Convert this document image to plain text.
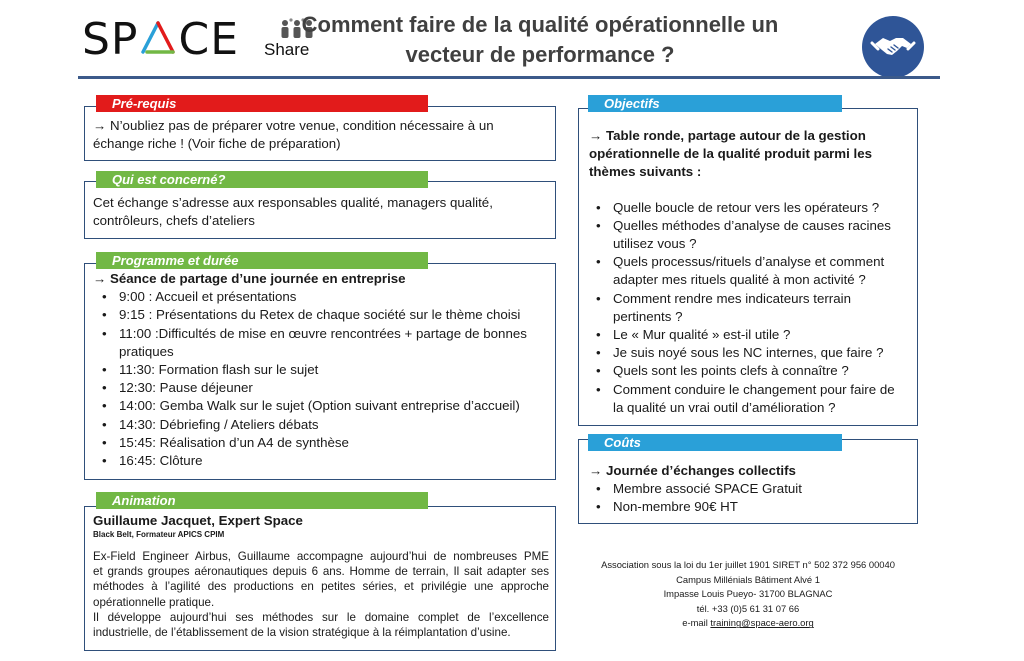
SP CE Share
Comment faire de la qualité opérationnelle un
vecteur de performance ?
→ N’oubliez pas de préparer votre venue, condition nécessaire à un
échange riche ! (Voir fiche de préparation)
Pré-requis
Cet échange s’adresse aux responsables qualité, managers qualité,
contrôleurs, chefs d’ateliers
Qui est concerné?
→ Séance de partage d’une journée en entreprise
• 9:00 : Accueil et présentations
• 9:15 : Présentations du Retex de chaque société sur le thème choisi
• 11:00 :Difficultés de mise en œuvre rencontrées + partage de bonnes
pratiques
• 11:30: Formation flash sur le sujet
• 12:30: Pause déjeuner
• 14:00: Gemba Walk sur le sujet (Option suivant entreprise d’accueil)
• 14:30: Débriefing / Ateliers débats
• 15:45: Réalisation d’un A4 de synthèse
• 16:45: Clôture
Programme et durée
Guillaume Jacquet, Expert Space
Black Belt, Formateur APICS CPIM
Ex-Field Engineer Airbus, Guillaume accompagne aujourd’hui de nombreuses PME
et grands groupes aéronautiques depuis 6 ans. Homme de terrain, Il sait adapter ses
méthodes à l’agilité des productions en petites séries, et privilégie une approche
opérationnelle pratique.
Il développe aujourd’hui ses méthodes sur le domaine complet de l’excellence
industrielle, de l’établissement de la vision stratégique à la réimplantation d’usine.
Animation
→ Table ronde, partage autour de la gestion
opérationnelle de la qualité produit parmi les
thèmes suivants :
• Quelle boucle de retour vers les opérateurs ?
• Quelles méthodes d’analyse de causes racines
utilisez vous ?
• Quels processus/rituels d’analyse et comment
adapter mes rituels qualité à mon activité ?
• Comment rendre mes indicateurs terrain
pertinents ?
• Le « Mur qualité » est-il utile ?
• Je suis noyé sous les NC internes, que faire ?
• Quels sont les points clefs à connaître ?
• Comment conduire le changement pour faire de
la qualité un vrai outil d’amélioration ?
Objectifs
→ Journée d’échanges collectifs
• Membre associé SPACE Gratuit
• Non-membre 90€ HT
Coûts
Association sous la loi du 1er juillet 1901 SIRET n° 502 372 956 00040
Campus Millénials Bâtiment Alvé 1
Impasse Louis Pueyo- 31700 BLAGNAC
tél. +33 (0)5 61 31 07 66
e-mail training@space-aero.org
